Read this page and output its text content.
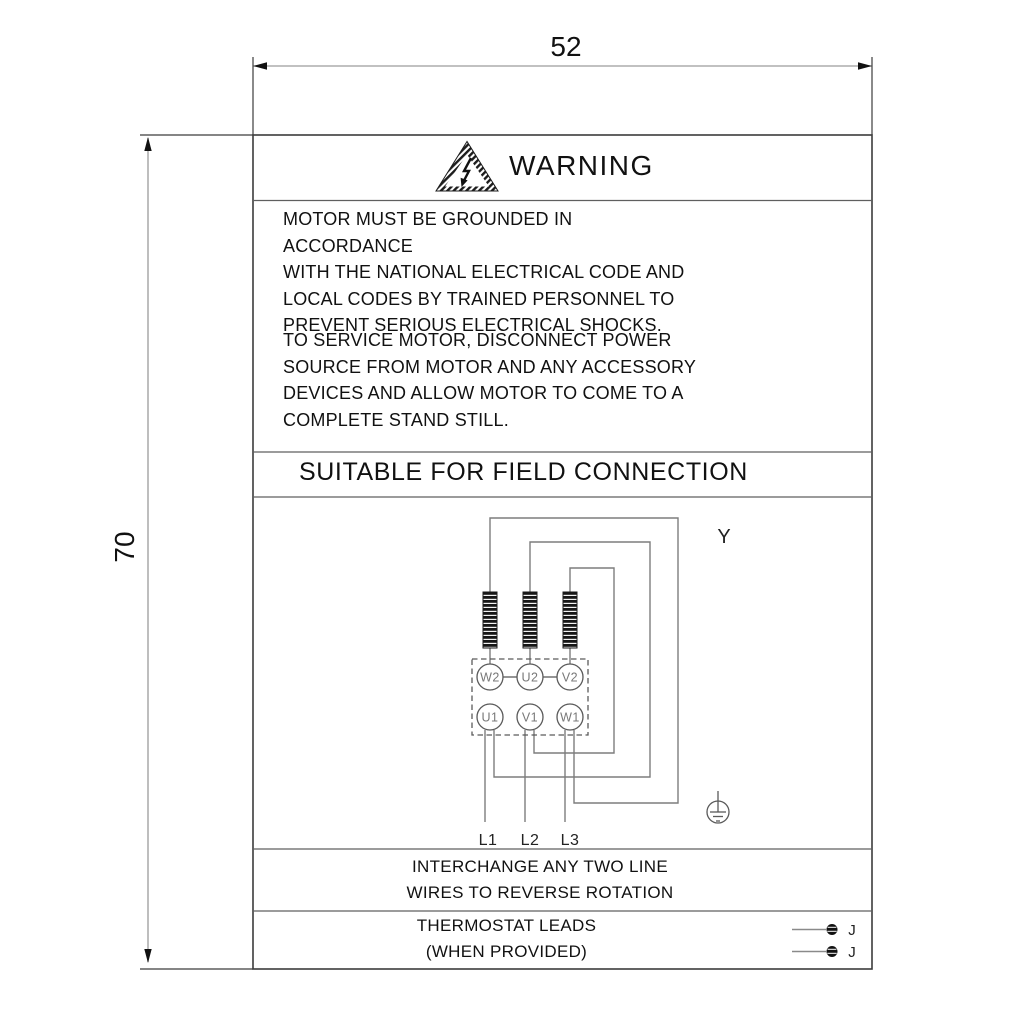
W2 U2 V2
U1 V1 W1
L1 L2 L3
Y
J
J
52
70
WARNING
MOTOR MUST BE GROUNDED IN ACCORDANCE
WITH THE NATIONAL ELECTRICAL CODE AND
LOCAL CODES BY TRAINED PERSONNEL TO
PREVENT SERIOUS ELECTRICAL SHOCKS.
TO SERVICE MOTOR, DISCONNECT POWER
SOURCE FROM MOTOR AND ANY ACCESSORY
DEVICES AND ALLOW MOTOR TO COME TO A
COMPLETE STAND STILL.
SUITABLE FOR FIELD CONNECTION
INTERCHANGE ANY TWO LINE
WIRES TO REVERSE ROTATION
THERMOSTAT LEADS
(WHEN PROVIDED)
